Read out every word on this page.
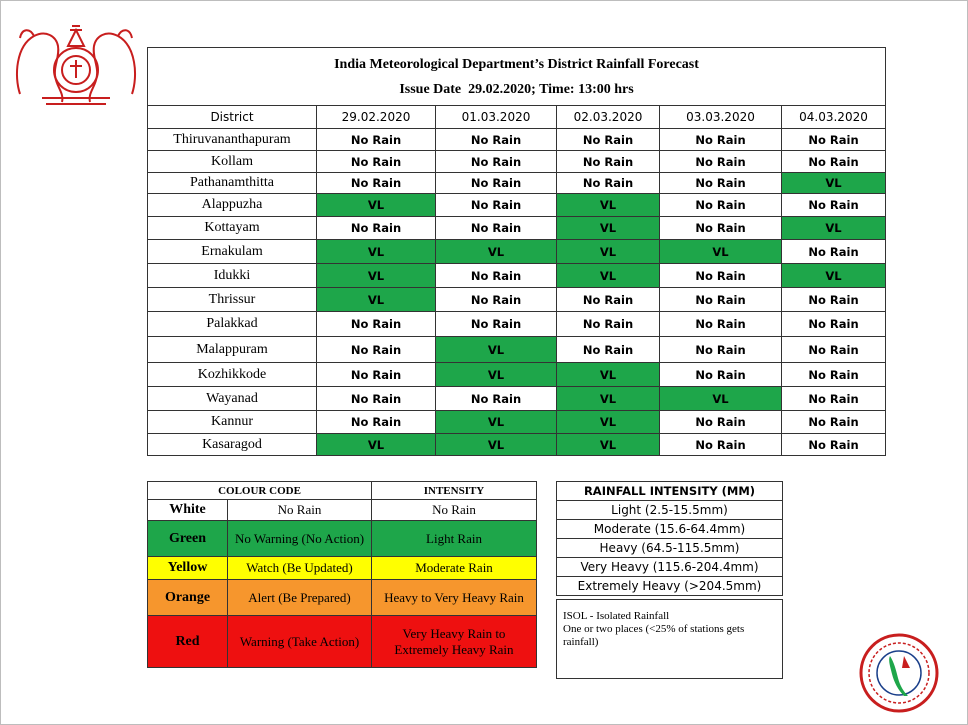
India Meteorological Department’s District Rainfall Forecast
Issue Date 29.02.2020; Time: 13:00 hrs					

District	29.02.2020	01.03.2020	02.03.2020	03.03.2020	04.03.2020
Thiruvananthapuram	No Rain	No Rain	No Rain	No Rain	No Rain
Kollam	No Rain	No Rain	No Rain	No Rain	No Rain
Pathanamthitta	No Rain	No Rain	No Rain	No Rain	VL
Alappuzha	VL	No Rain	VL	No Rain	No Rain
Kottayam	No Rain	No Rain	VL	No Rain	VL
Ernakulam	VL	VL	VL	VL	No Rain
Idukki	VL	No Rain	VL	No Rain	VL
Thrissur	VL	No Rain	No Rain	No Rain	No Rain
Palakkad	No Rain	No Rain	No Rain	No Rain	No Rain
Malappuram	No Rain	VL	No Rain	No Rain	No Rain
Kozhikkode	No Rain	VL	VL	No Rain	No Rain
Wayanad	No Rain	No Rain	VL	VL	No Rain
Kannur	No Rain	VL	VL	No Rain	No Rain
Kasaragod	VL	VL	VL	No Rain	No Rain
COLOUR CODE		INTENSITY
White	No Rain	No Rain
Green	No Warning (No Action)	Light Rain
Yellow	Watch (Be Updated)	Moderate Rain
Orange	Alert (Be Prepared)	Heavy to Very Heavy Rain
Red	Warning (Take Action)	Very Heavy Rain to Extremely Heavy Rain
RAINFALL INTENSITY (MM)
Light (2.5-15.5mm)
Moderate (15.6-64.4mm)
Heavy (64.5-115.5mm)
Very Heavy (115.6-204.4mm)
Extremely Heavy (>204.5mm)
ISOL - Isolated Rainfall
One or two places (<25% of stations gets rainfall)
